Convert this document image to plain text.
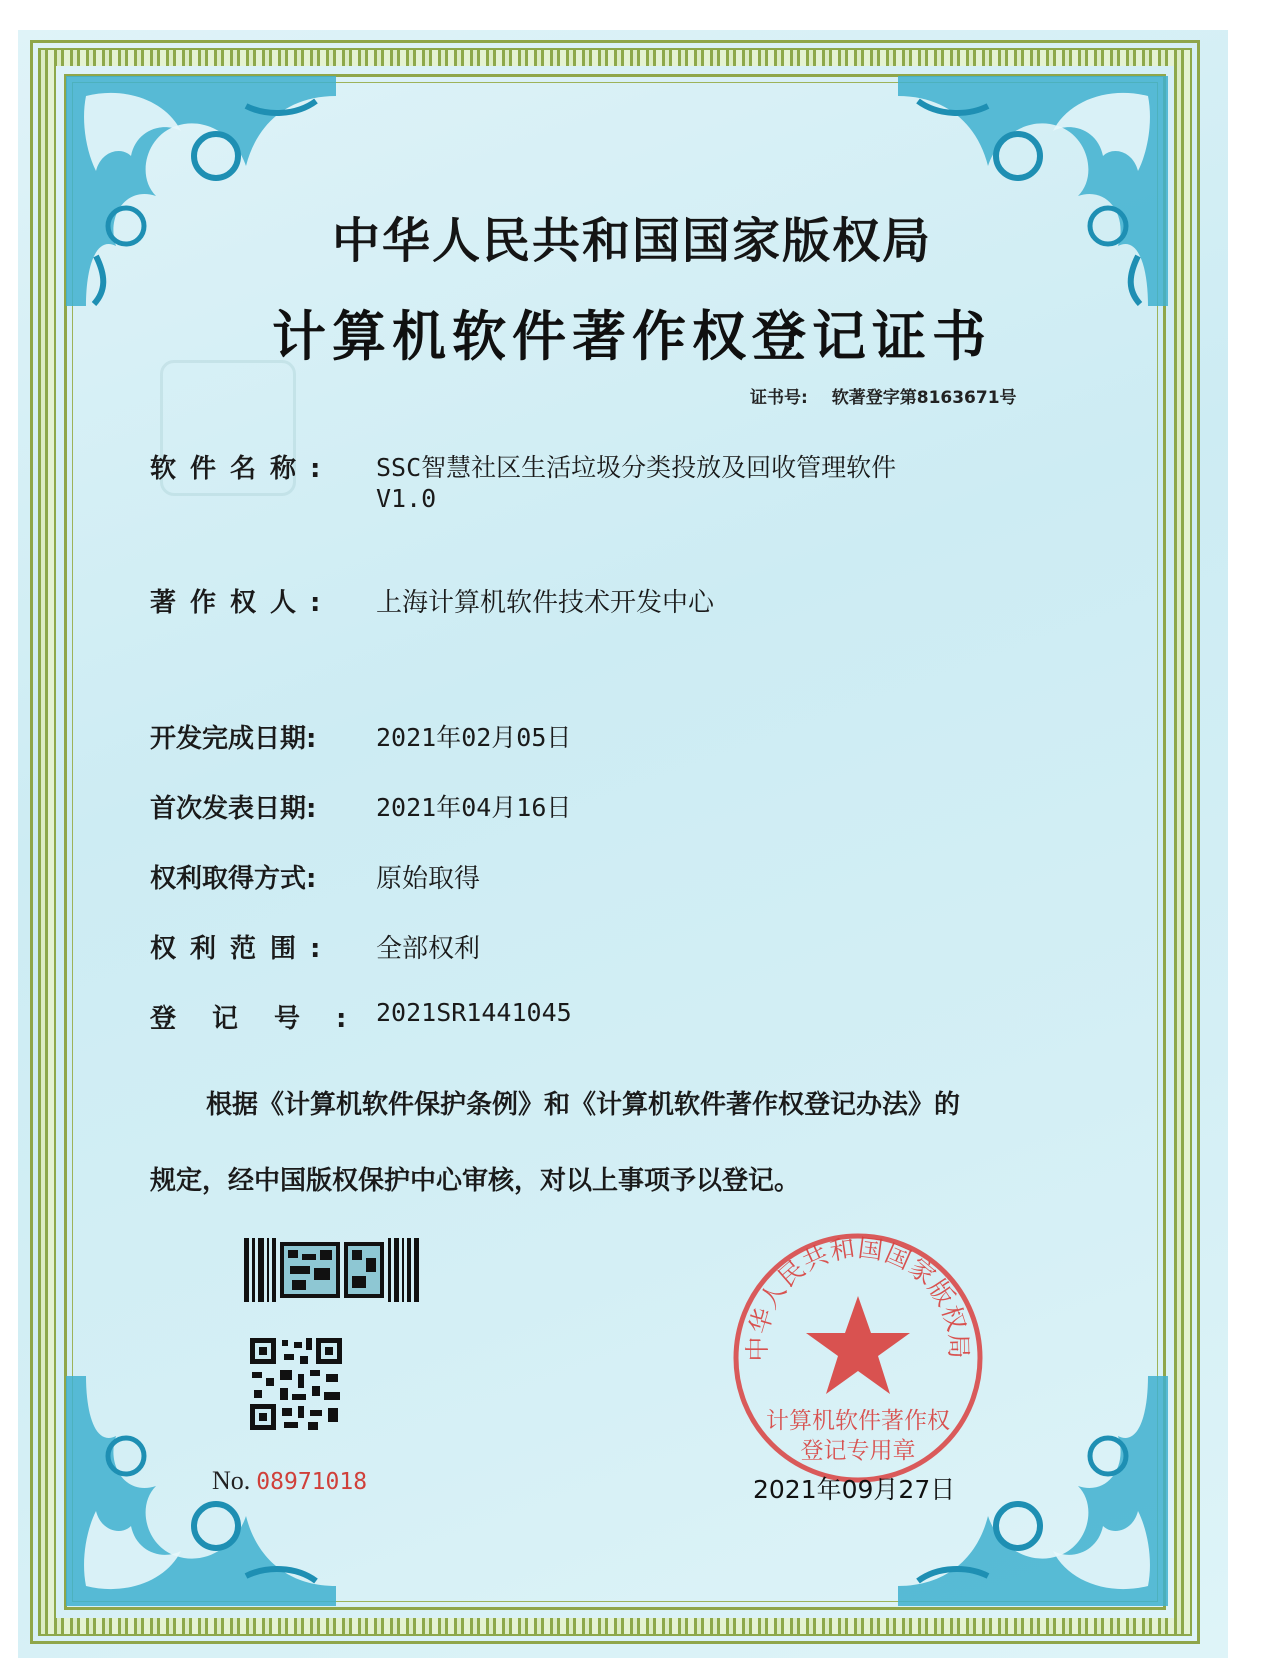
中华人民共和国国家版权局
计算机软件著作权登记证书
证书号: 软著登字第8163671号
软件名称: SSC智慧社区生活垃圾分类投放及回收管理软件
V1.0
著作权人: 上海计算机软件技术开发中心
开发完成日期:	2021年02月05日
首次发表日期:	2021年04月16日
权利取得方式:	原始取得
权利范围: 全部权利
登记号:
2021SR1441045
根据《计算机软件保护条例》和《计算机软件著作权登记办法》的
规定，经中国版权保护中心审核，对以上事项予以登记。
No. 08971018
中华人民共和国国家版权局
计算机软件著作权
登记专用章
2021年09月27日
